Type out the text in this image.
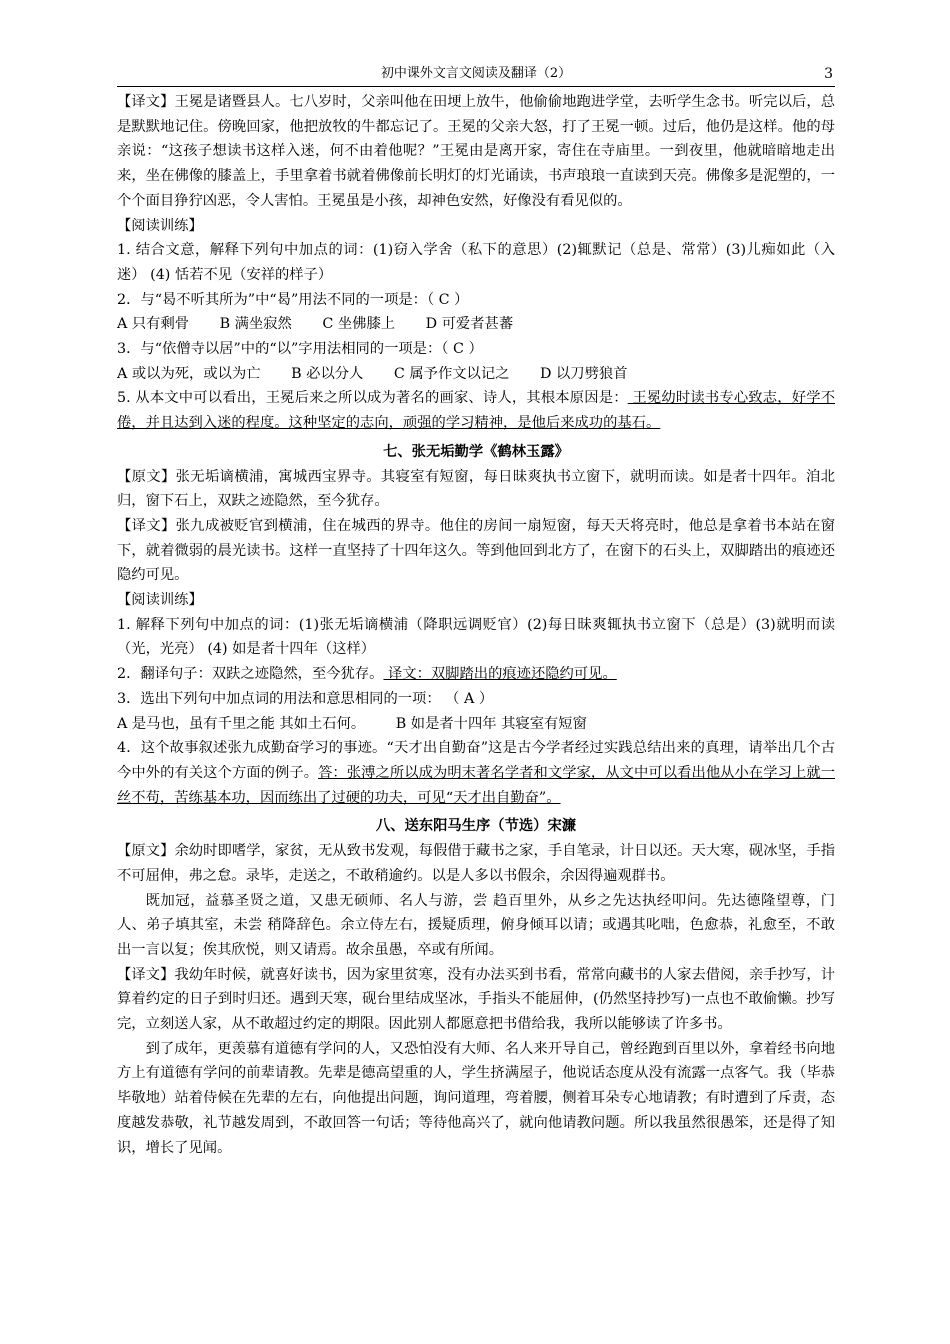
初中课外文言文阅读及翻译（2）	3

【译文】王冕是诸暨县人。七八岁时，父亲叫他在田埂上放牛，他偷偷地跑进学堂，去听学生念书。听完以后，总是默默地记住。傍晚回家，他把放牧的牛都忘记了。王冕的父亲大怒，打了王冕一顿。过后，他仍是这样。他的母亲说：“这孩子想读书这样入迷，何不由着他呢？”王冕由是离开家，寄住在寺庙里。一到夜里，他就暗暗地走出来，坐在佛像的膝盖上，手里拿着书就着佛像前长明灯的灯光诵读，书声琅琅一直读到天亮。佛像多是泥塑的，一个个面目狰狞凶恶，令人害怕。王冕虽是小孩，却神色安然，好像没有看见似的。

【阅读训练】

1. 结合文意，解释下列句中加点的词：(1)窃入学舍（私下的意思）(2)辄默记（总是、常常）(3)儿痴如此（入迷） (4) 恬若不见（安祥的样子）

2．与“曷不听其所为”中“曷”用法不同的一项是：（ C ）

A 只有剩骨 B 满坐寂然 C 坐佛膝上 D 可爱者甚蕃

3．与“依僧寺以居”中的“以”字用法相同的一项是：（ C ）

A 或以为死，或以为亡 B 必以分人 C 属予作文以记之 D 以刀劈狼首

5. 从本文中可以看出，王冕后来之所以成为著名的画家、诗人，其根本原因是： 王冕幼时读书专心致志，好学不倦，并且达到入迷的程度。这种坚定的志向，顽强的学习精神，是他后来成功的基石。

七、张无垢勤学《鹤林玉露》

【原文】张无垢谪横浦，寓城西宝界寺。其寝室有短窗，每日昧爽执书立窗下，就明而读。如是者十四年。洎北归，窗下石上，双趺之迹隐然，至今犹存。

【译文】张九成被贬官到横浦，住在城西的界寺。他住的房间一扇短窗，每天天将亮时，他总是拿着书本站在窗下，就着微弱的晨光读书。这样一直坚持了十四年这久。等到他回到北方了，在窗下的石头上，双脚踏出的痕迹还隐约可见。

【阅读训练】

1. 解释下列句中加点的词：(1)张无垢谪横浦（降职远调贬官）(2)每日昧爽辄执书立窗下（总是）(3)就明而读（光，光亮） (4) 如是者十四年（这样）

2．翻译句子：双趺之迹隐然，至今犹存。 译文：双脚踏出的痕迹还隐约可见。

3．选出下列句中加点词的用法和意思相同的一项： （ A ）

A 是马也，虽有千里之能 其如土石何。 B 如是者十四年 其寝室有短窗

4．这个故事叙述张九成勤奋学习的事迹。“天才出自勤奋”这是古今学者经过实践总结出来的真理，请举出几个古今中外的有关这个方面的例子。答：张溥之所以成为明末著名学者和文学家，从文中可以看出他从小在学习上就一丝不苟，苦练基本功，因而练出了过硬的功夫，可见“天才出自勤奋”。

八、送东阳马生序（节选）宋濂

【原文】余幼时即嗜学，家贫，无从致书发观，每假借于藏书之家，手自笔录，计日以还。天大寒，砚冰坚，手指不可屈伸，弗之怠。录毕，走送之，不敢稍逾约。以是人多以书假余，余因得遍观群书。

既加冠，益慕圣贤之道，又患无硕师、名人与游，尝 趋百里外，从乡之先达执经叩问。先达德隆望尊，门人、弟子填其室，未尝 稍降辞色。余立侍左右，援疑质理，俯身倾耳以请；或遇其叱咄，色愈恭，礼愈至，不敢出一言以复；俟其欣悦，则又请焉。故余虽愚，卒或有所闻。

【译文】我幼年时候，就喜好读书，因为家里贫寒，没有办法买到书看，常常向藏书的人家去借阅，亲手抄写，计算着约定的日子到时归还。遇到天寒，砚台里结成坚冰，手指头不能屈伸，(仍然坚持抄写)一点也不敢偷懒。抄写完，立刻送人家，从不敢超过约定的期限。因此别人都愿意把书借给我，我所以能够读了许多书。

到了成年，更羡慕有道德有学问的人，又恐怕没有大师、名人来开导自己，曾经跑到百里以外，拿着经书向地方上有道德有学问的前辈请教。先辈是德高望重的人，学生挤满屋子，他说话态度从没有流露一点客气。我（毕恭毕敬地）站着侍候在先辈的左右，向他提出问题，询问道理，弯着腰，侧着耳朵专心地请教；有时遭到了斥责，态度越发恭敬，礼节越发周到，不敢回答一句话；等待他高兴了，就向他请教问题。所以我虽然很愚笨，还是得了知识，增长了见闻。
